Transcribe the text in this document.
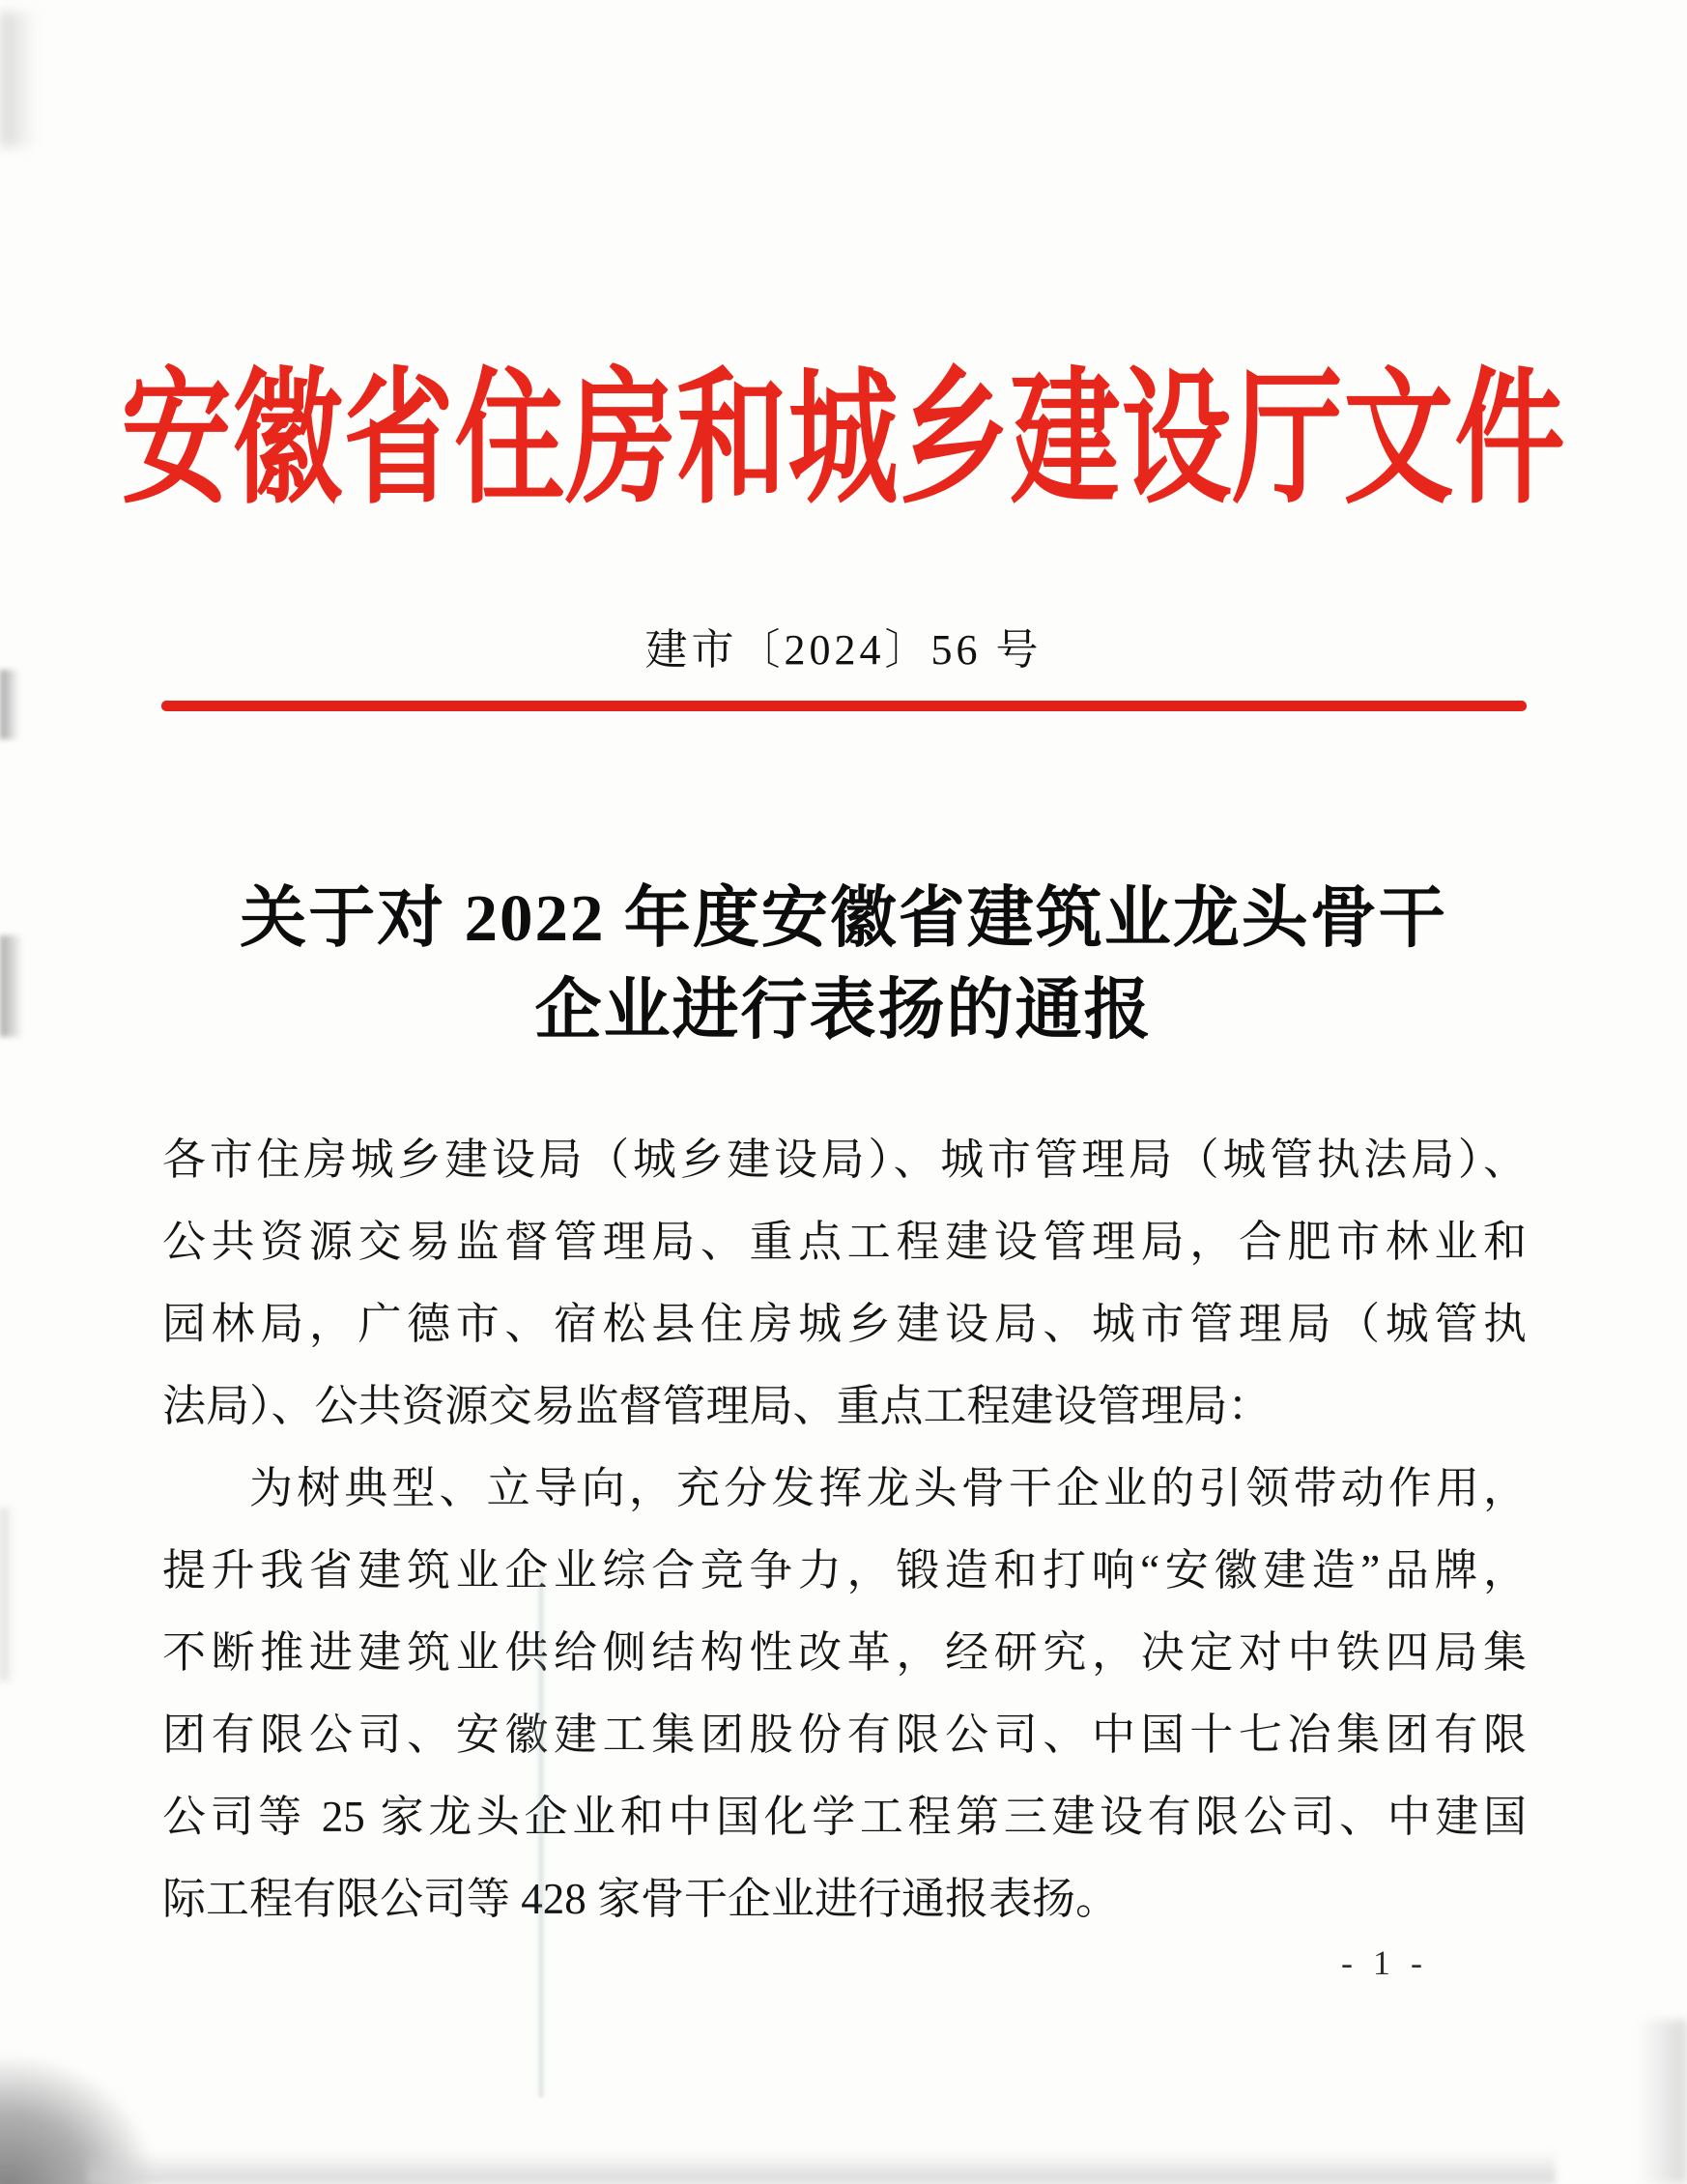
安徽省住房和城乡建设厅文件
建市〔2024〕56 号
关于对 2022 年度安徽省建筑业龙头骨干
企业进行表扬的通报
各市住房城乡建设局（城乡建设局）、城市管理局（城管执法局）、
公共资源交易监督管理局、重点工程建设管理局，合肥市林业和
园林局，广德市、宿松县住房城乡建设局、城市管理局（城管执
法局）、公共资源交易监督管理局、重点工程建设管理局：
为树典型、立导向，充分发挥龙头骨干企业的引领带动作用，
提升我省建筑业企业综合竞争力，锻造和打响“安徽建造”品牌，
不断推进建筑业供给侧结构性改革，经研究，决定对中铁四局集
团有限公司、安徽建工集团股份有限公司、中国十七冶集团有限
公司等 25 家龙头企业和中国化学工程第三建设有限公司、中建国
际工程有限公司等 428 家骨干企业进行通报表扬。
- 1 -
